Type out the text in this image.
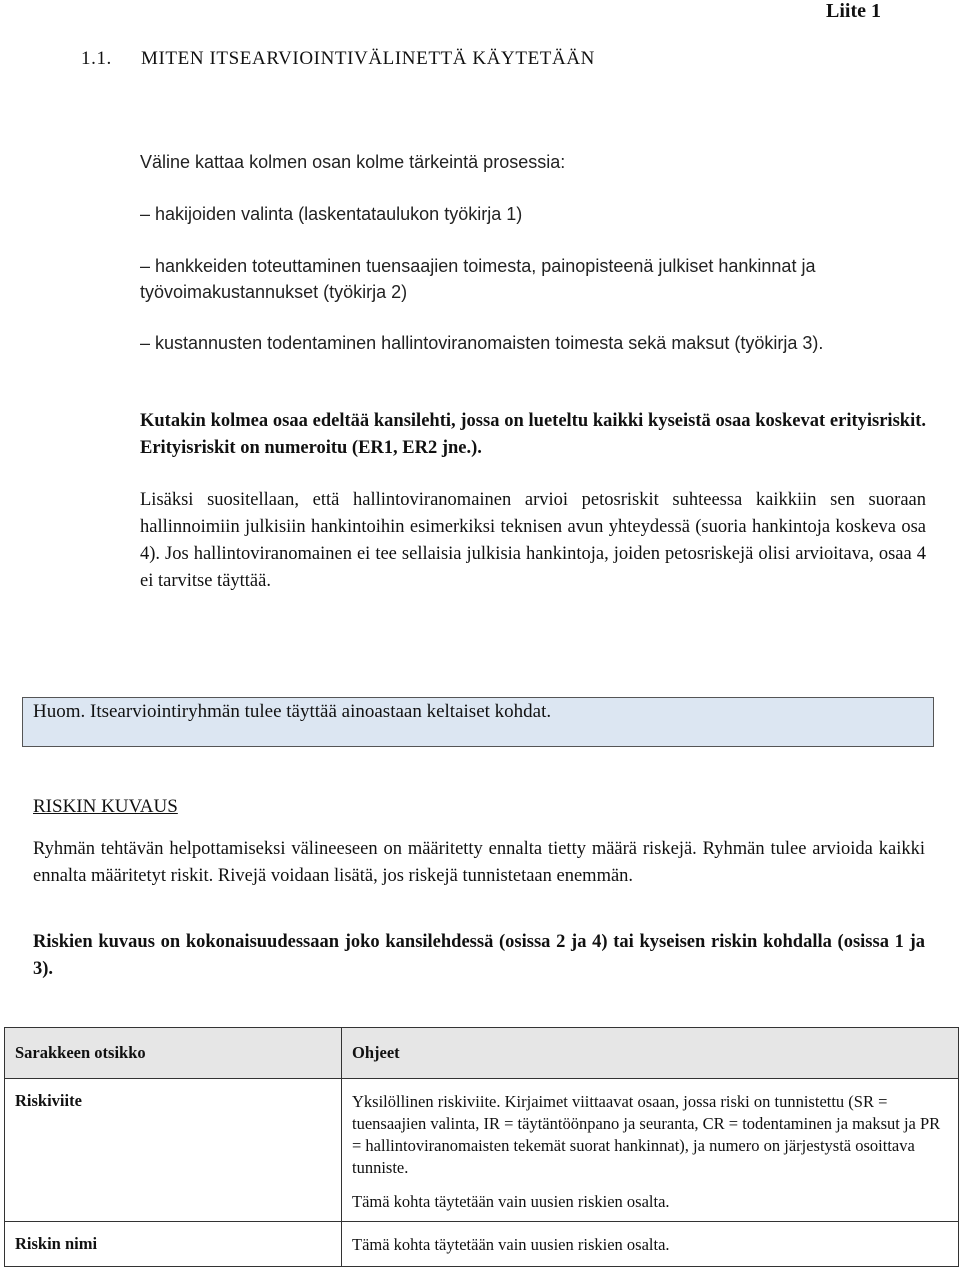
Liite 1
1.1. MITEN ITSEARVIOINTIVÄLINETTÄ KÄYTETÄÄN
Väline kattaa kolmen osan kolme tärkeintä prosessia:
– hakijoiden valinta (laskentataulukon työkirja 1)
– hankkeiden toteuttaminen tuensaajien toimesta, painopisteenä julkiset hankinnat ja työvoimakustannukset (työkirja 2)
– kustannusten todentaminen hallintoviranomaisten toimesta sekä maksut (työkirja 3).
Kutakin kolmea osaa edeltää kansilehti, jossa on lueteltu kaikki kyseistä osaa koskevat erityisriskit. Erityisriskit on numeroitu (ER1, ER2 jne.).
Lisäksi suositellaan, että hallintoviranomainen arvioi petosriskit suhteessa kaikkiin sen suoraan hallinnoimiin julkisiin hankintoihin esimerkiksi teknisen avun yhteydessä (suoria hankintoja koskeva osa 4). Jos hallintoviranomainen ei tee sellaisia julkisia hankintoja, joiden petosriskejä olisi arvioitava, osaa 4 ei tarvitse täyttää.
Huom. Itsearviointiryhmän tulee täyttää ainoastaan keltaiset kohdat.
RISKIN KUVAUS
Ryhmän tehtävän helpottamiseksi välineeseen on määritetty ennalta tietty määrä riskejä. Ryhmän tulee arvioida kaikki ennalta määritetyt riskit. Rivejä voidaan lisätä, jos riskejä tunnistetaan enemmän.
Riskien kuvaus on kokonaisuudessaan joko kansilehdessä (osissa 2 ja 4) tai kyseisen riskin kohdalla (osissa 1 ja 3).
Sarakkeen otsikko	Ohjeet
Riskiviite	Yksilöllinen riskiviite. Kirjaimet viittaavat osaan, jossa riski on tunnistettu (SR = tuensaajien valinta, IR = täytäntöönpano ja seuranta, CR = todentaminen ja maksut ja PR = hallintoviranomaisten tekemät suorat hankinnat), ja numero on järjestystä osoittava tunniste.
Tämä kohta täytetään vain uusien riskien osalta.

Riskin nimi	Tämä kohta täytetään vain uusien riskien osalta.
